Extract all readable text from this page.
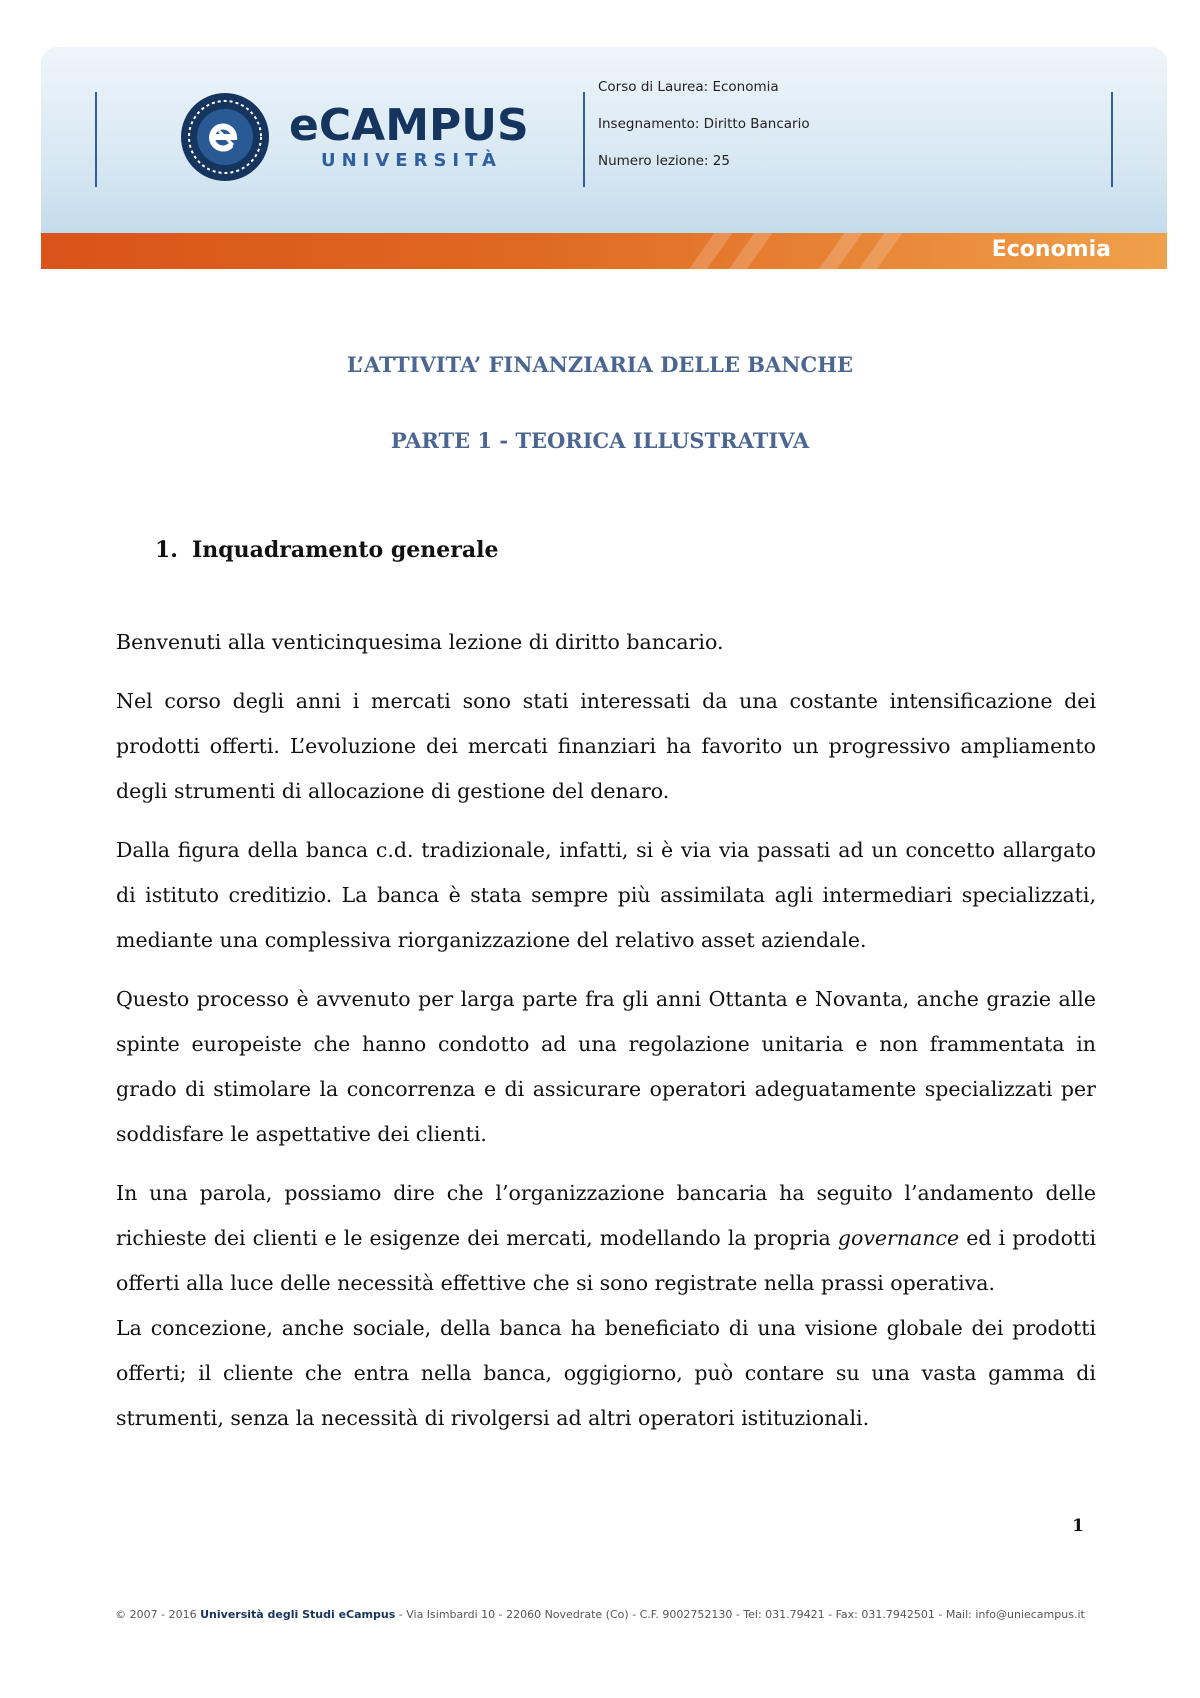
eCAMPUS
UNIVERSITÀ
Corso di Laurea: Economia
Insegnamento: Diritto Bancario
Numero lezione: 25
Economia
L’ATTIVITA’ FINANZIARIA DELLE BANCHE
PARTE 1 - TEORICA ILLUSTRATIVA
1. Inquadramento generale

Benvenuti alla venticinquesima lezione di diritto bancario.

Nel corso degli anni i mercati sono stati interessati da una costante intensificazione dei prodotti offerti. L’evoluzione dei mercati finanziari ha favorito un progressivo ampliamento degli strumenti di allocazione di gestione del denaro.

Dalla figura della banca c.d. tradizionale, infatti, si è via via passati ad un concetto allargato di istituto creditizio. La banca è stata sempre più assimilata agli intermediari specializzati, mediante una complessiva riorganizzazione del relativo asset aziendale.

Questo processo è avvenuto per larga parte fra gli anni Ottanta e Novanta, anche grazie alle spinte europeiste che hanno condotto ad una regolazione unitaria e non frammentata in grado di stimolare la concorrenza e di assicurare operatori adeguatamente specializzati per soddisfare le aspettative dei clienti.

In una parola, possiamo dire che l’organizzazione bancaria ha seguito l’andamento delle richieste dei clienti e le esigenze dei mercati, modellando la propria governance ed i prodotti offerti alla luce delle necessità effettive che si sono registrate nella prassi operativa.

La concezione, anche sociale, della banca ha beneficiato di una visione globale dei prodotti offerti; il cliente che entra nella banca, oggigiorno, può contare su una vasta gamma di strumenti, senza la necessità di rivolgersi ad altri operatori istituzionali.

1
© 2007 - 2016 Università degli Studi eCampus - Via Isimbardi 10 - 22060 Novedrate (Co) - C.F. 9002752130 - Tel: 031.79421 - Fax: 031.7942501 - Mail: info@uniecampus.it
